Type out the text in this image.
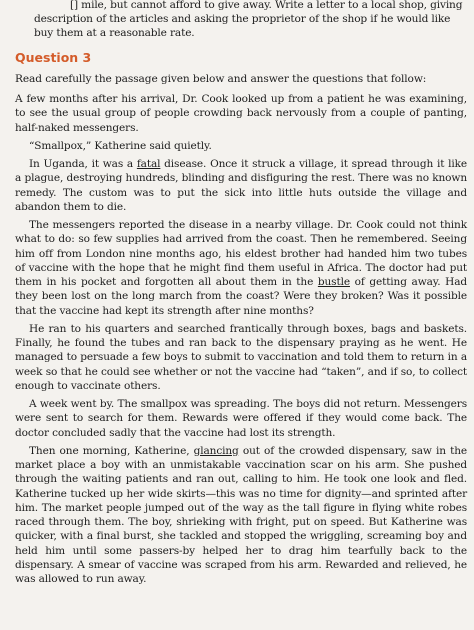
[] mile, but cannot afford to give away. Write a letter to a local shop, giving
description of the articles and asking the proprietor of the shop if he would like
buy them at a reasonable rate.
Question 3
Read carefully the passage given below and answer the questions that follow:

A few months after his arrival, Dr. Cook looked up from a patient he was examining, to see the usual group of people crowding back nervously from a couple of panting, half-naked messengers.

“Smallpox,” Katherine said quietly.

In Uganda, it was a fatal disease. Once it struck a village, it spread through it like a plague, destroying hundreds, blinding and disfiguring the rest. There was no known remedy. The custom was to put the sick into little huts outside the village and abandon them to die.

The messengers reported the disease in a nearby village. Dr. Cook could not think what to do: so few supplies had arrived from the coast. Then he remembered. Seeing him off from London nine months ago, his eldest brother had handed him two tubes of vaccine with the hope that he might find them useful in Africa. The doctor had put them in his pocket and forgotten all about them in the bustle of getting away. Had they been lost on the long march from the coast? Were they broken? Was it possible that the vaccine had kept its strength after nine months?

He ran to his quarters and searched frantically through boxes, bags and baskets. Finally, he found the tubes and ran back to the dispensary praying as he went. He managed to persuade a few boys to submit to vaccination and told them to return in a week so that he could see whether or not the vaccine had “taken”, and if so, to collect enough to vaccinate others.

A week went by. The smallpox was spreading. The boys did not return. Messengers were sent to search for them. Rewards were offered if they would come back. The doctor concluded sadly that the vaccine had lost its strength.

Then one morning, Katherine, glancing out of the crowded dispensary, saw in the market place a boy with an unmistakable vaccination scar on his arm. She pushed through the waiting patients and ran out, calling to him. He took one look and fled. Katherine tucked up her wide skirts—this was no time for dignity—and sprinted after him. The market people jumped out of the way as the tall figure in flying white robes raced through them. The boy, shrieking with fright, put on speed. But Katherine was quicker, with a final burst, she tackled and stopped the wriggling, screaming boy and held him until some passers-by helped her to drag him tearfully back to the dispensary. A smear of vaccine was scraped from his arm. Rewarded and relieved, he was allowed to run away.
